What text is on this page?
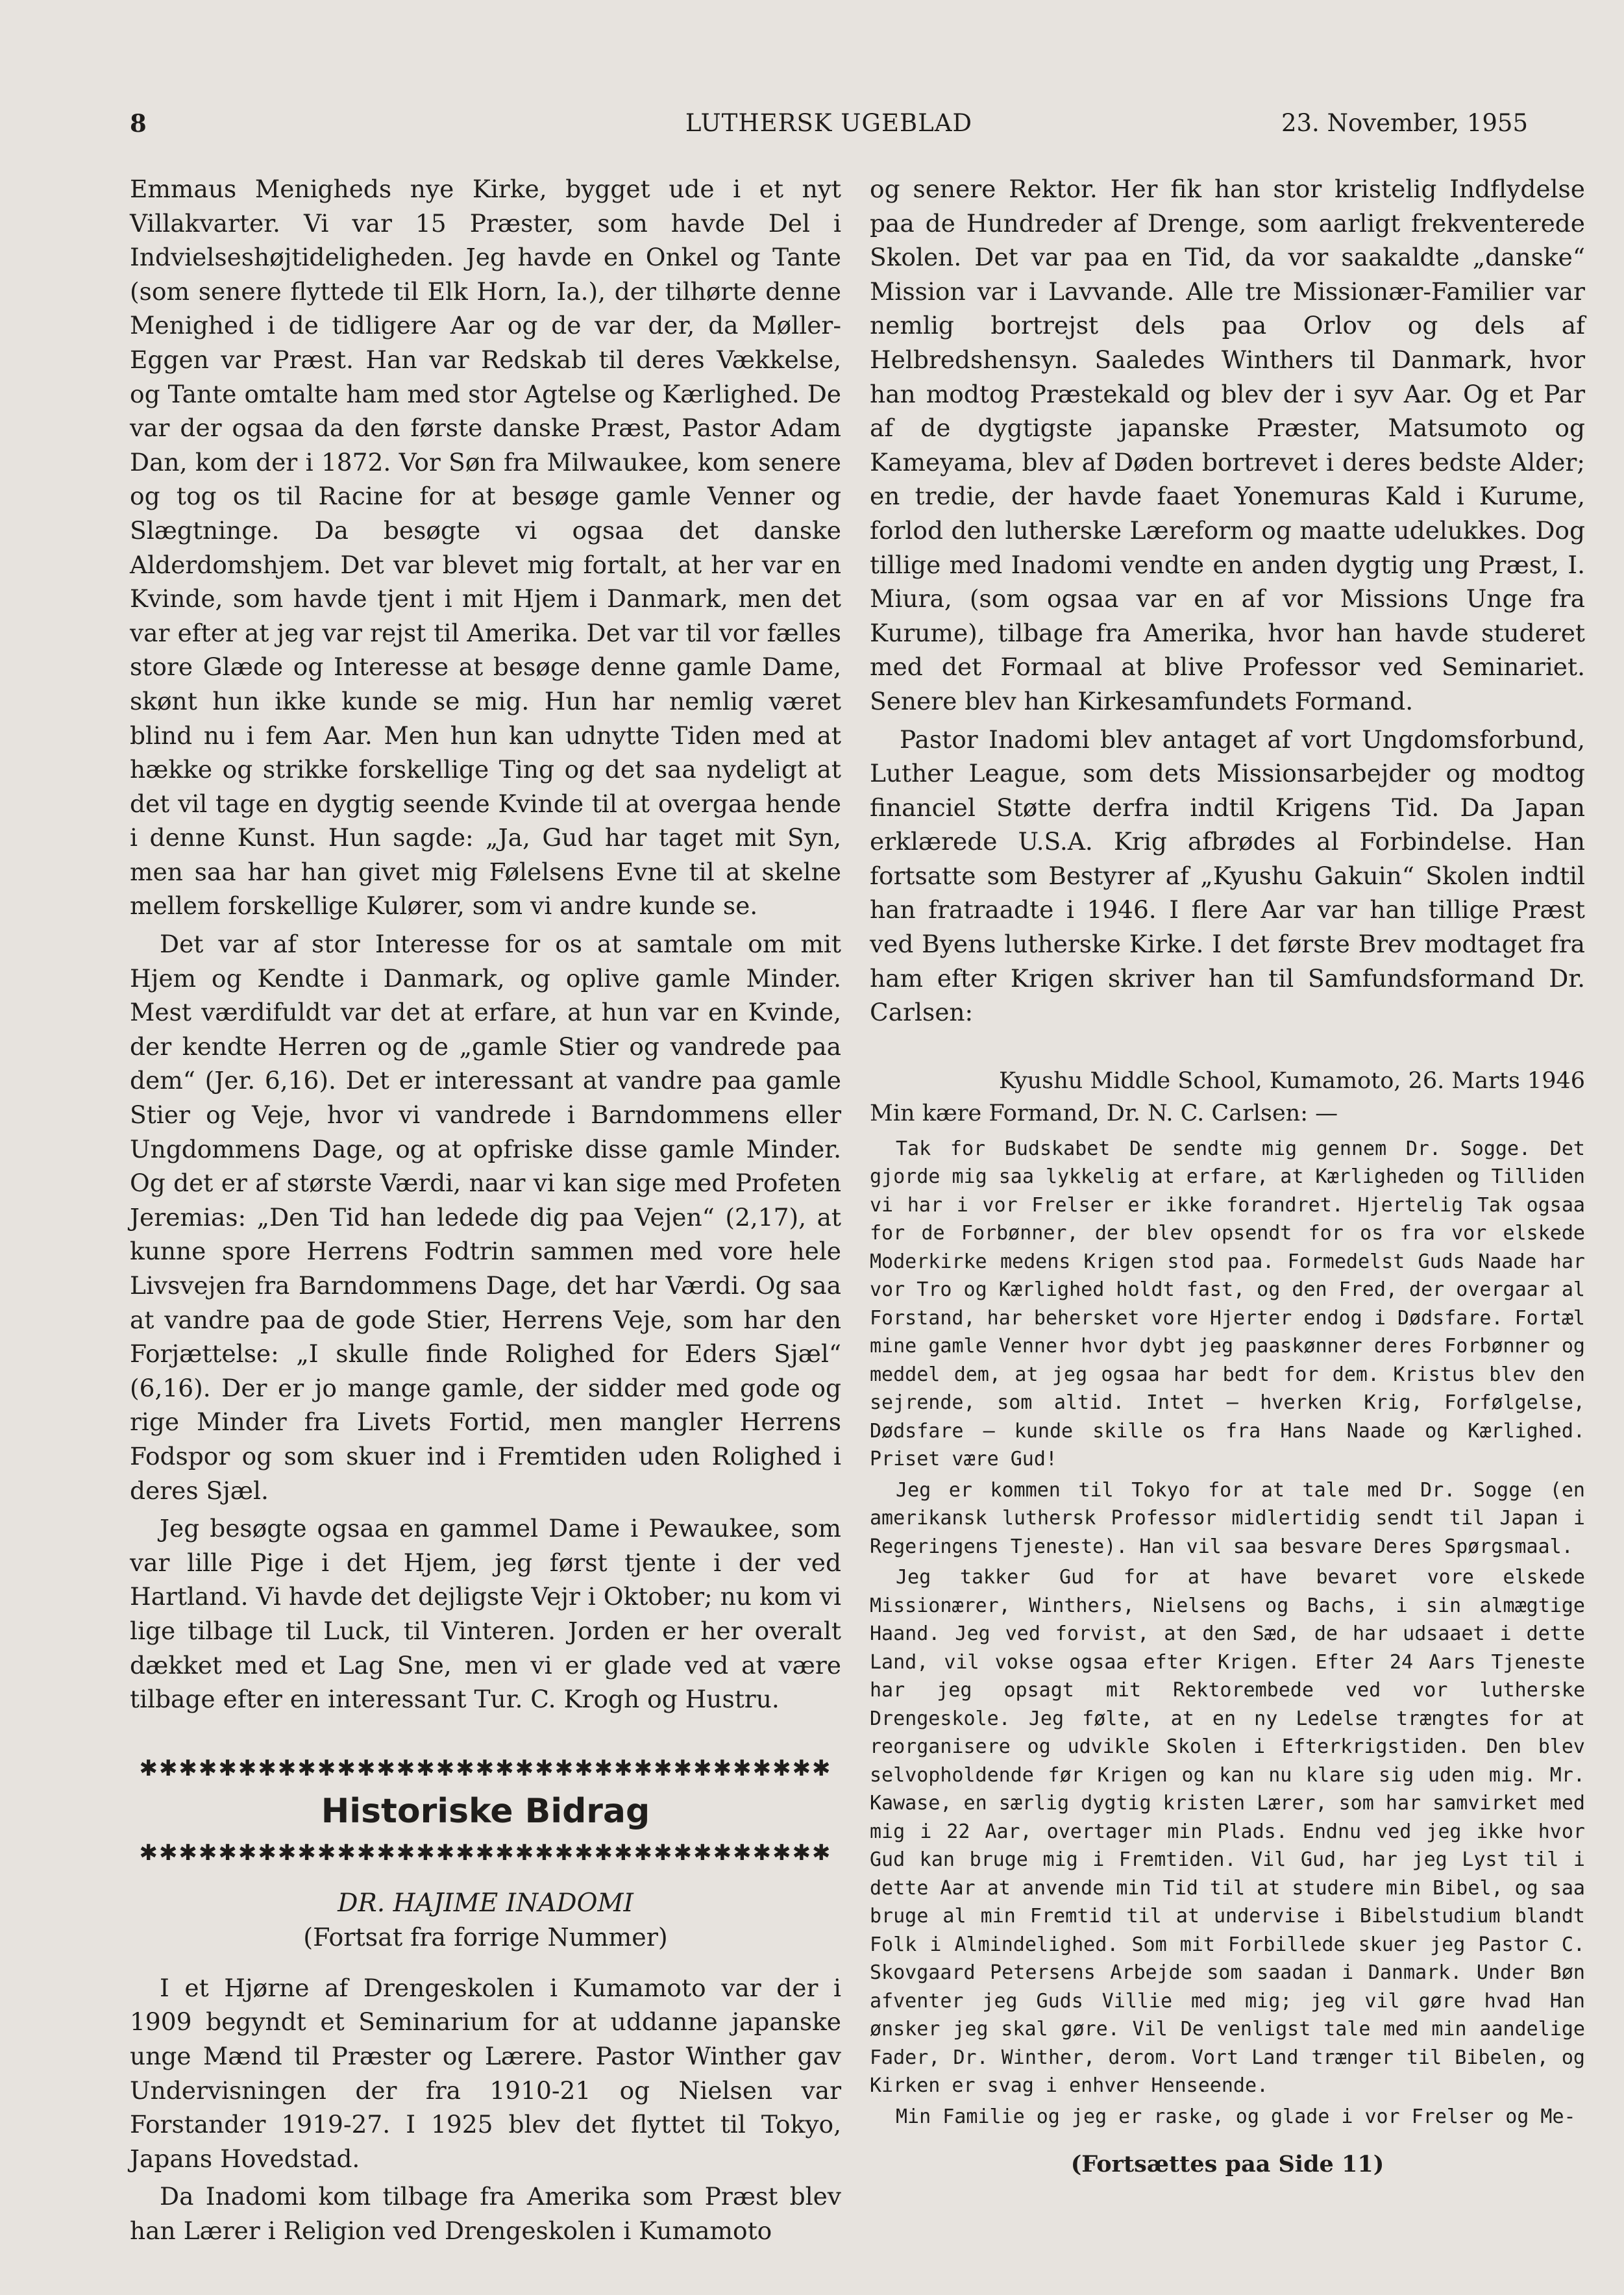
8	LUTHERSK UGEBLAD	23. November, 1955

Emmaus Menigheds nye Kirke, bygget ude i et nyt Villakvarter. Vi var 15 Præster, som havde Del i Indvielseshøjtideligheden. Jeg havde en Onkel og Tante (som senere flyttede til Elk Horn, Ia.), der tilhørte denne Menighed i de tidligere Aar og de var der, da Møller-Eggen var Præst. Han var Redskab til deres Vækkelse, og Tante omtalte ham med stor Agtelse og Kærlighed. De var der ogsaa da den første danske Præst, Pastor Adam Dan, kom der i 1872. Vor Søn fra Milwaukee, kom senere og tog os til Racine for at besøge gamle Venner og Slægtninge. Da besøgte vi ogsaa det danske Alderdomshjem. Det var blevet mig fortalt, at her var en Kvinde, som havde tjent i mit Hjem i Danmark, men det var efter at jeg var rejst til Amerika. Det var til vor fælles store Glæde og Interesse at besøge denne gamle Dame, skønt hun ikke kunde se mig. Hun har nemlig været blind nu i fem Aar. Men hun kan udnytte Tiden med at hække og strikke forskellige Ting og det saa nydeligt at det vil tage en dygtig seende Kvinde til at overgaa hende i denne Kunst. Hun sagde: „Ja, Gud har taget mit Syn, men saa har han givet mig Følelsens Evne til at skelne mellem forskellige Kulører, som vi andre kunde se.

Det var af stor Interesse for os at samtale om mit Hjem og Kendte i Danmark, og oplive gamle Minder. Mest værdifuldt var det at erfare, at hun var en Kvinde, der kendte Herren og de „gamle Stier og vandrede paa dem“ (Jer. 6,16). Det er interessant at vandre paa gamle Stier og Veje, hvor vi vandrede i Barndommens eller Ungdommens Dage, og at opfriske disse gamle Minder. Og det er af største Værdi, naar vi kan sige med Profeten Jeremias: „Den Tid han ledede dig paa Vejen“ (2,17), at kunne spore Herrens Fodtrin sammen med vore hele Livsvejen fra Barndommens Dage, det har Værdi. Og saa at vandre paa de gode Stier, Herrens Veje, som har den Forjættelse: „I skulle finde Rolighed for Eders Sjæl“ (6,16). Der er jo mange gamle, der sidder med gode og rige Minder fra Livets Fortid, men mangler Herrens Fodspor og som skuer ind i Fremtiden uden Rolighed i deres Sjæl.

Jeg besøgte ogsaa en gammel Dame i Pewaukee, som var lille Pige i det Hjem, jeg først tjente i der ved Hartland. Vi havde det dejligste Vejr i Oktober; nu kom vi lige tilbage til Luck, til Vinteren. Jorden er her overalt dækket med et Lag Sne, men vi er glade ved at være tilbage efter en interessant Tur. C. Krogh og Hustru.

✱✱✱✱✱✱✱✱✱✱✱✱✱✱✱✱✱✱✱✱✱✱✱✱✱✱✱✱✱✱✱✱✱✱✱
Historiske Bidrag
✱✱✱✱✱✱✱✱✱✱✱✱✱✱✱✱✱✱✱✱✱✱✱✱✱✱✱✱✱✱✱✱✱✱✱
DR. HAJIME INADOMI
(Fortsat fra forrige Nummer)

I et Hjørne af Drengeskolen i Kumamoto var der i 1909 begyndt et Seminarium for at uddanne japanske unge Mænd til Præster og Lærere. Pastor Winther gav Undervisningen der fra 1910-21 og Nielsen var Forstander 1919-27. I 1925 blev det flyttet til Tokyo, Japans Hovedstad.

Da Inadomi kom tilbage fra Amerika som Præst blev han Lærer i Religion ved Drengeskolen i Kumamoto

og senere Rektor. Her fik han stor kristelig Indflydelse paa de Hundreder af Drenge, som aarligt frekventerede Skolen. Det var paa en Tid, da vor saakaldte „danske“ Mission var i Lavvande. Alle tre Missionær-Familier var nemlig bortrejst dels paa Orlov og dels af Helbredshensyn. Saaledes Winthers til Danmark, hvor han modtog Præstekald og blev der i syv Aar. Og et Par af de dygtigste japanske Præster, Matsumoto og Kameyama, blev af Døden bortrevet i deres bedste Alder; en tredie, der havde faaet Yonemuras Kald i Kurume, forlod den lutherske Læreform og maatte udelukkes. Dog tillige med Inadomi vendte en anden dygtig ung Præst, I. Miura, (som ogsaa var en af vor Missions Unge fra Kurume), tilbage fra Amerika, hvor han havde studeret med det Formaal at blive Professor ved Seminariet. Senere blev han Kirkesamfundets Formand.

Pastor Inadomi blev antaget af vort Ungdomsforbund, Luther League, som dets Missionsarbejder og modtog financiel Støtte derfra indtil Krigens Tid. Da Japan erklærede U.S.A. Krig afbrødes al Forbindelse. Han fortsatte som Bestyrer af „Kyushu Gakuin“ Skolen indtil han fratraadte i 1946. I flere Aar var han tillige Præst ved Byens lutherske Kirke. I det første Brev modtaget fra ham efter Krigen skriver han til Samfundsformand Dr. Carlsen:

Kyushu Middle School, Kumamoto, 26. Marts 1946
Min kære Formand, Dr. N. C. Carlsen: —

Tak for Budskabet De sendte mig gennem Dr. Sogge. Det gjorde mig saa lykkelig at erfare, at Kærligheden og Tilliden vi har i vor Frelser er ikke forandret. Hjertelig Tak ogsaa for de Forbønner, der blev opsendt for os fra vor elskede Moderkirke medens Krigen stod paa. Formedelst Guds Naade har vor Tro og Kærlighed holdt fast, og den Fred, der overgaar al Forstand, har behersket vore Hjerter endog i Dødsfare. Fortæl mine gamle Venner hvor dybt jeg paaskønner deres Forbønner og meddel dem, at jeg ogsaa har bedt for dem. Kristus blev den sejrende, som altid. Intet — hverken Krig, Forfølgelse, Dødsfare — kunde skille os fra Hans Naade og Kærlighed. Priset være Gud!

Jeg er kommen til Tokyo for at tale med Dr. Sogge (en amerikansk luthersk Professor midlertidig sendt til Japan i Regeringens Tjeneste). Han vil saa besvare Deres Spørgsmaal.

Jeg takker Gud for at have bevaret vore elskede Missionærer, Winthers, Nielsens og Bachs, i sin almægtige Haand. Jeg ved forvist, at den Sæd, de har udsaaet i dette Land, vil vokse ogsaa efter Krigen. Efter 24 Aars Tjeneste har jeg opsagt mit Rektorembede ved vor lutherske Drengeskole. Jeg følte, at en ny Ledelse trængtes for at reorganisere og udvikle Skolen i Efterkrigstiden. Den blev selvopholdende før Krigen og kan nu klare sig uden mig. Mr. Kawase, en særlig dygtig kristen Lærer, som har samvirket med mig i 22 Aar, overtager min Plads. Endnu ved jeg ikke hvor Gud kan bruge mig i Fremtiden. Vil Gud, har jeg Lyst til i dette Aar at anvende min Tid til at studere min Bibel, og saa bruge al min Fremtid til at undervise i Bibelstudium blandt Folk i Almindelighed. Som mit Forbillede skuer jeg Pastor C. Skovgaard Petersens Arbejde som saadan i Danmark. Under Bøn afventer jeg Guds Villie med mig; jeg vil gøre hvad Han ønsker jeg skal gøre. Vil De venligst tale med min aandelige Fader, Dr. Winther, derom. Vort Land trænger til Bibelen, og Kirken er svag i enhver Henseende.

Min Familie og jeg er raske, og glade i vor Frelser og Me-

(Fortsættes paa Side 11)
